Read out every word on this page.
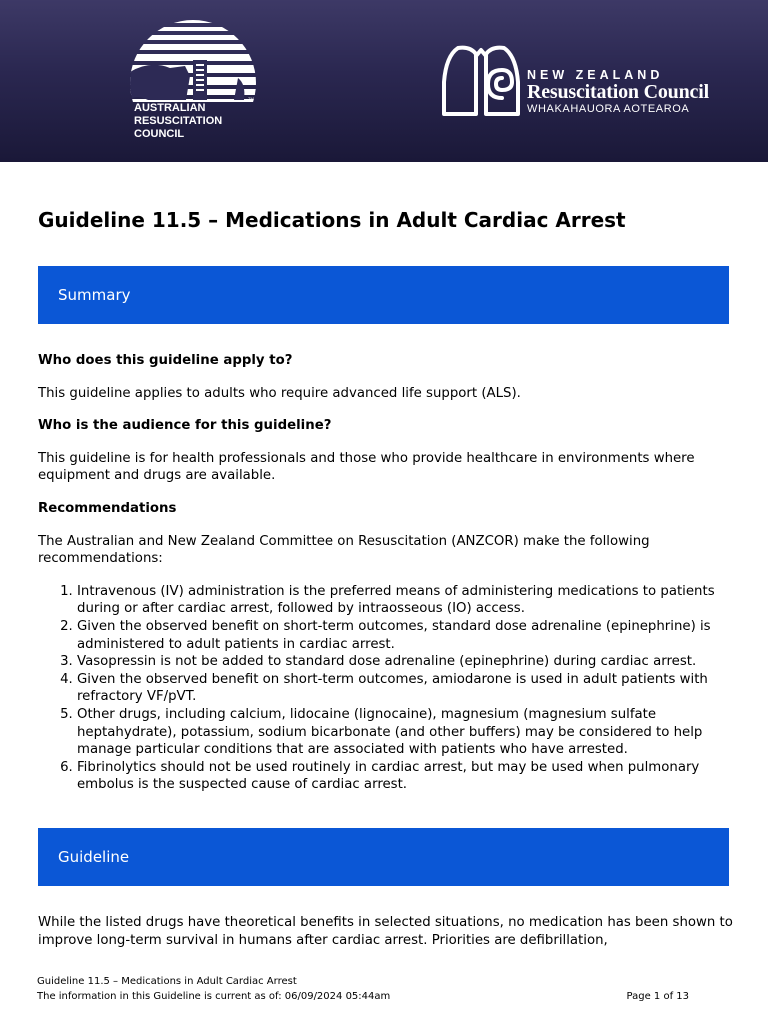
AUSTRALIAN
RESUSCITATION
COUNCIL
TM
NEW ZEALAND
Resuscitation Council
WHAKAHAUORA AOTEAROA
Guideline 11.5 – Medications in Adult Cardiac Arrest
Summary

Who does this guideline apply to?

This guideline applies to adults who require advanced life support (ALS).

Who is the audience for this guideline?

This guideline is for health professionals and those who provide healthcare in environments where equipment and drugs are available.

Recommendations

The Australian and New Zealand Committee on Resuscitation (ANZCOR) make the following recommendations:

1. Intravenous (IV) administration is the preferred means of administering medications to patients during or after cardiac arrest, followed by intraosseous (IO) access.
2. Given the observed benefit on short-term outcomes, standard dose adrenaline (epinephrine) is administered to adult patients in cardiac arrest.
3. Vasopressin is not be added to standard dose adrenaline (epinephrine) during cardiac arrest.
4. Given the observed benefit on short-term outcomes, amiodarone is used in adult patients with refractory VF/pVT.
5. Other drugs, including calcium, lidocaine (lignocaine), magnesium (magnesium sulfate heptahydrate), potassium, sodium bicarbonate (and other buffers) may be considered to help manage particular conditions that are associated with patients who have arrested.
6. Fibrinolytics should not be used routinely in cardiac arrest, but may be used when pulmonary embolus is the suspected cause of cardiac arrest.
Guideline

While the listed drugs have theoretical benefits in selected situations, no medication has been shown to improve long-term survival in humans after cardiac arrest. Priorities are defibrillation,

Guideline 11.5 – Medications in Adult Cardiac Arrest
The information in this Guideline is current as of: 06/09/2024 05:44am	Page 1 of 13
